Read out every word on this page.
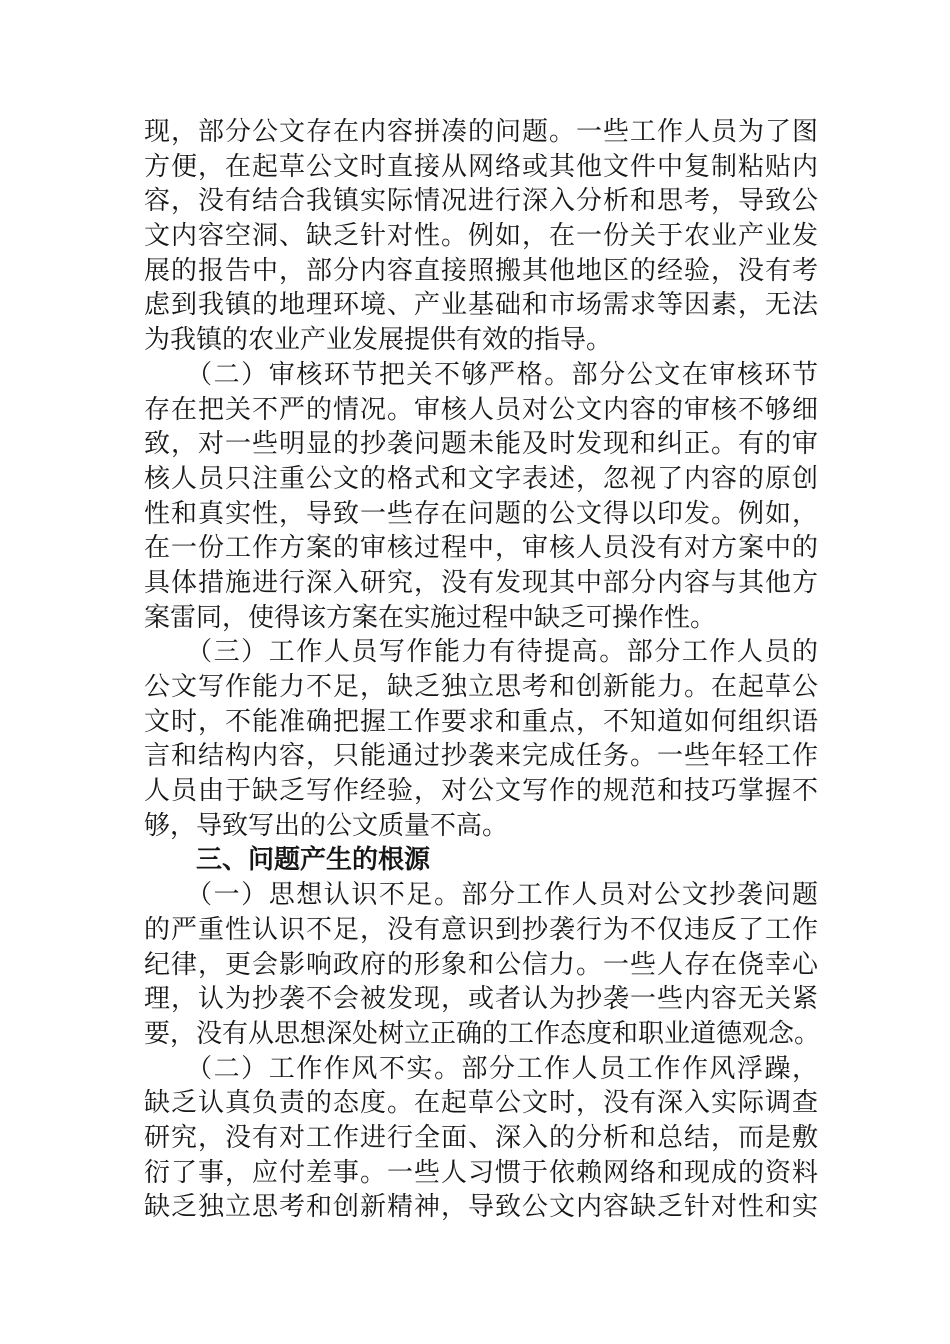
现，部分公文存在内容拼凑的问题。一些工作人员为了图
方便，在起草公文时直接从网络或其他文件中复制粘贴内
容，没有结合我镇实际情况进行深入分析和思考，导致公
文内容空洞、缺乏针对性。例如，在一份关于农业产业发
展的报告中，部分内容直接照搬其他地区的经验，没有考
虑到我镇的地理环境、产业基础和市场需求等因素，无法
为我镇的农业产业发展提供有效的指导。
　　（二）审核环节把关不够严格。部分公文在审核环节
存在把关不严的情况。审核人员对公文内容的审核不够细
致，对一些明显的抄袭问题未能及时发现和纠正。有的审
核人员只注重公文的格式和文字表述，忽视了内容的原创
性和真实性，导致一些存在问题的公文得以印发。例如，
在一份工作方案的审核过程中，审核人员没有对方案中的
具体措施进行深入研究，没有发现其中部分内容与其他方
案雷同，使得该方案在实施过程中缺乏可操作性。
　　（三）工作人员写作能力有待提高。部分工作人员的
公文写作能力不足，缺乏独立思考和创新能力。在起草公
文时，不能准确把握工作要求和重点，不知道如何组织语
言和结构内容，只能通过抄袭来完成任务。一些年轻工作
人员由于缺乏写作经验，对公文写作的规范和技巧掌握不
够，导致写出的公文质量不高。
　　三、问题产生的根源
　　（一）思想认识不足。部分工作人员对公文抄袭问题
的严重性认识不足，没有意识到抄袭行为不仅违反了工作
纪律，更会影响政府的形象和公信力。一些人存在侥幸心
理，认为抄袭不会被发现，或者认为抄袭一些内容无关紧
要，没有从思想深处树立正确的工作态度和职业道德观念。
　　（二）工作作风不实。部分工作人员工作作风浮躁，
缺乏认真负责的态度。在起草公文时，没有深入实际调查
研究，没有对工作进行全面、深入的分析和总结，而是敷
衍了事，应付差事。一些人习惯于依赖网络和现成的资料
缺乏独立思考和创新精神，导致公文内容缺乏针对性和实
